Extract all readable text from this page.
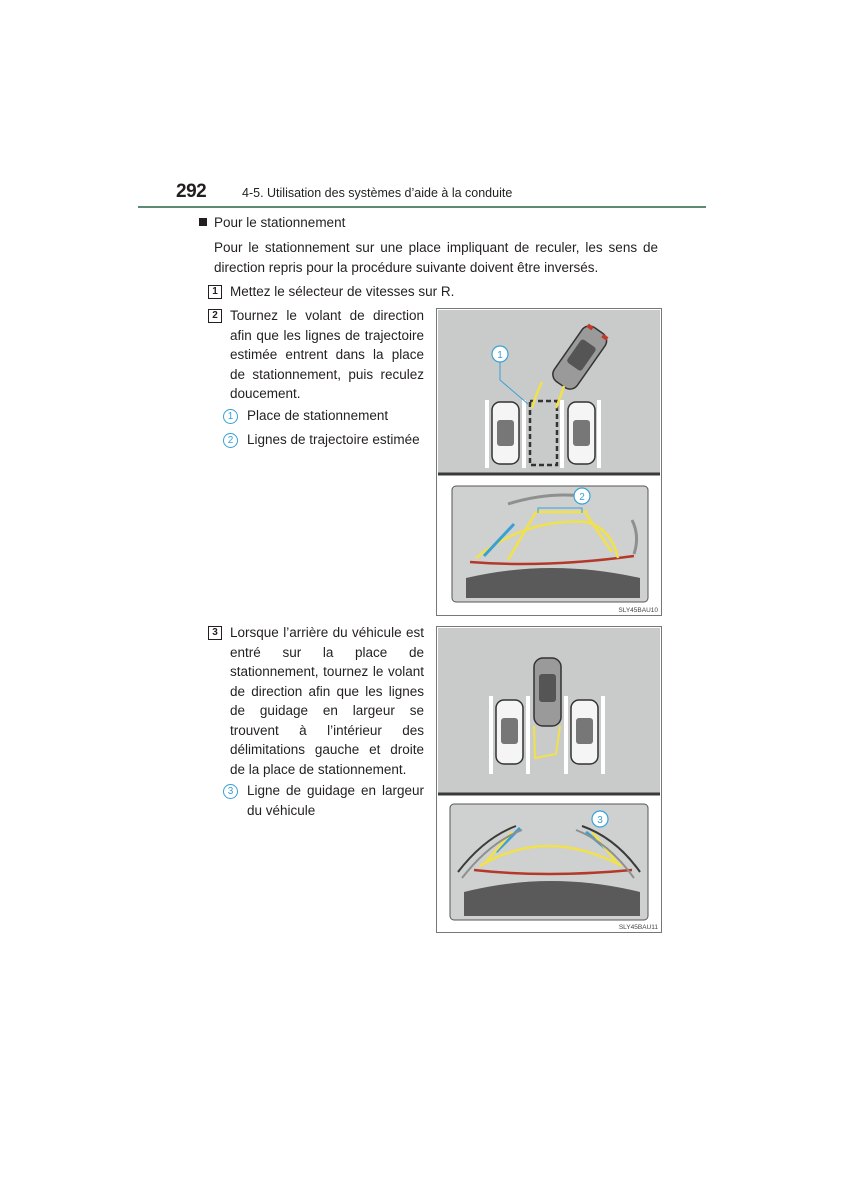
292	4-5. Utilisation des systèmes d’aide à la conduite
Pour le stationnement
Pour le stationnement sur une place impliquant de reculer, les sens de direction repris pour la procédure suivante doivent être inversés.
1 Mettez le sélecteur de vitesses sur R.
2 Tournez le volant de direction afin que les lignes de trajectoire estimée entrent dans la place de stationnement, puis reculez doucement.
1	Place de stationnement
2	Lignes de trajectoire estimée
1
2
SLY45BAU10
3 Lorsque l’arrière du véhicule est entré sur la place de stationnement, tournez le volant de direction afin que les lignes de guidage en largeur se trouvent à l’intérieur des délimitations gauche et droite de la place de stationnement.
3	Ligne de guidage en largeur du véhicule
3
SLY45BAU11
